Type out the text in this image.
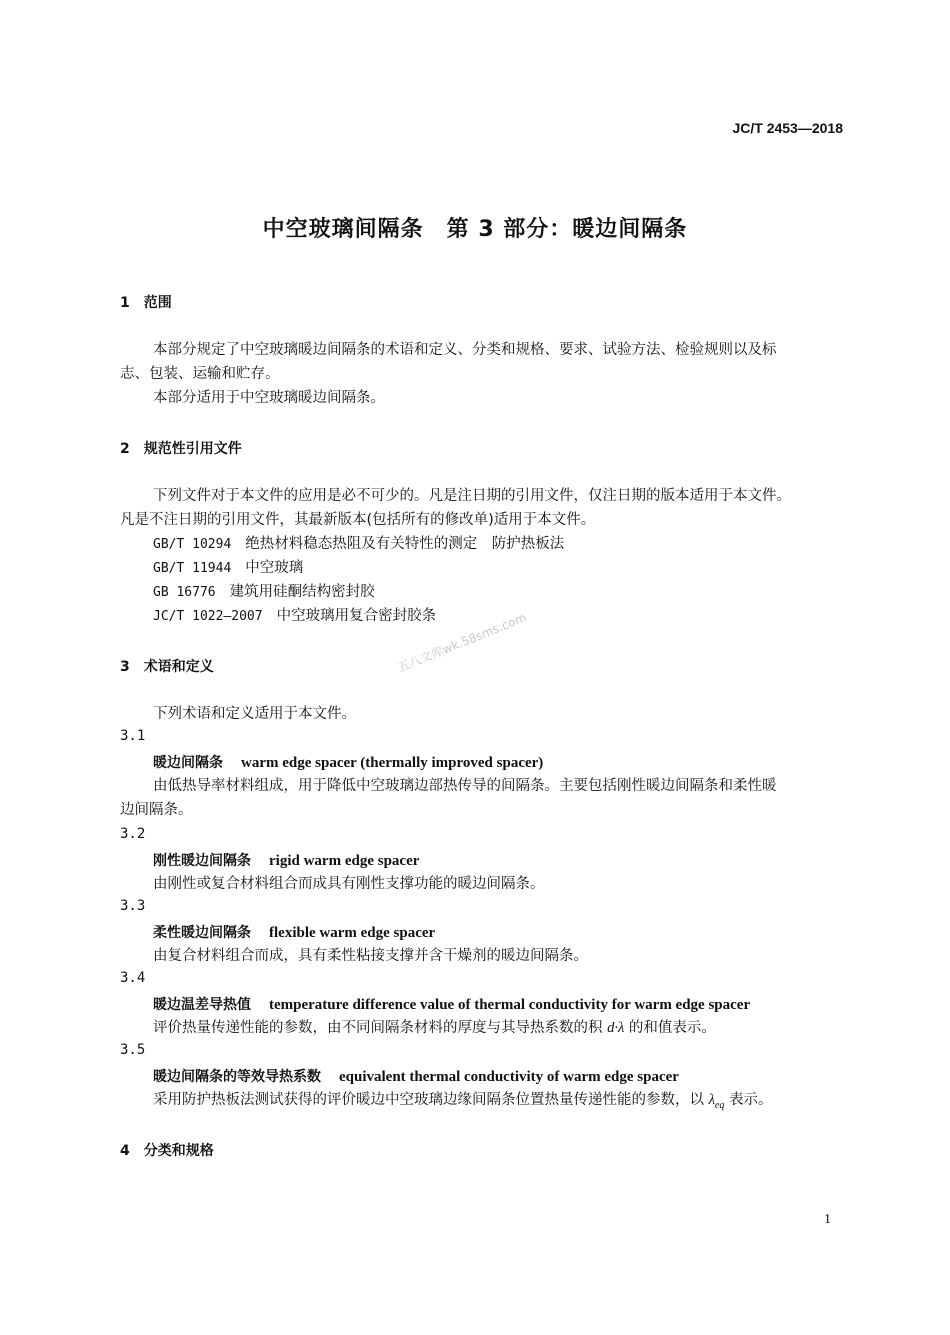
JC/T 2453—2018
中空玻璃间隔条　第 3 部分：暖边间隔条
1　范围
本部分规定了中空玻璃暖边间隔条的术语和定义、分类和规格、要求、试验方法、检验规则以及标
志、包装、运输和贮存。
本部分适用于中空玻璃暖边间隔条。
2　规范性引用文件
下列文件对于本文件的应用是必不可少的。凡是注日期的引用文件，仅注日期的版本适用于本文件。
凡是不注日期的引用文件，其最新版本(包括所有的修改单)适用于本文件。
GB/T 10294 绝热材料稳态热阻及有关特性的测定　防护热板法
GB/T 11944 中空玻璃
GB 16776 建筑用硅酮结构密封胶
JC/T 1022—2007 中空玻璃用复合密封胶条
3　术语和定义
下列术语和定义适用于本文件。
3.1
暖边间隔条 warm edge spacer (thermally improved spacer)
由低热导率材料组成，用于降低中空玻璃边部热传导的间隔条。主要包括刚性暖边间隔条和柔性暖
边间隔条。
3.2
刚性暖边间隔条 rigid warm edge spacer
由刚性或复合材料组合而成具有刚性支撑功能的暖边间隔条。
3.3
柔性暖边间隔条 flexible warm edge spacer
由复合材料组合而成，具有柔性粘接支撑并含干燥剂的暖边间隔条。
3.4
暖边温差导热值 temperature difference value of thermal conductivity for warm edge spacer
评价热量传递性能的参数，由不同间隔条材料的厚度与其导热系数的积 d·λ 的和值表示。
3.5
暖边间隔条的等效导热系数 equivalent thermal conductivity of warm edge spacer
采用防护热板法测试获得的评价暖边中空玻璃边缘间隔条位置热量传递性能的参数，以 $\lambda_{eq}$ 表示。
4　分类和规格
五八文库wk.58sms.com
1
